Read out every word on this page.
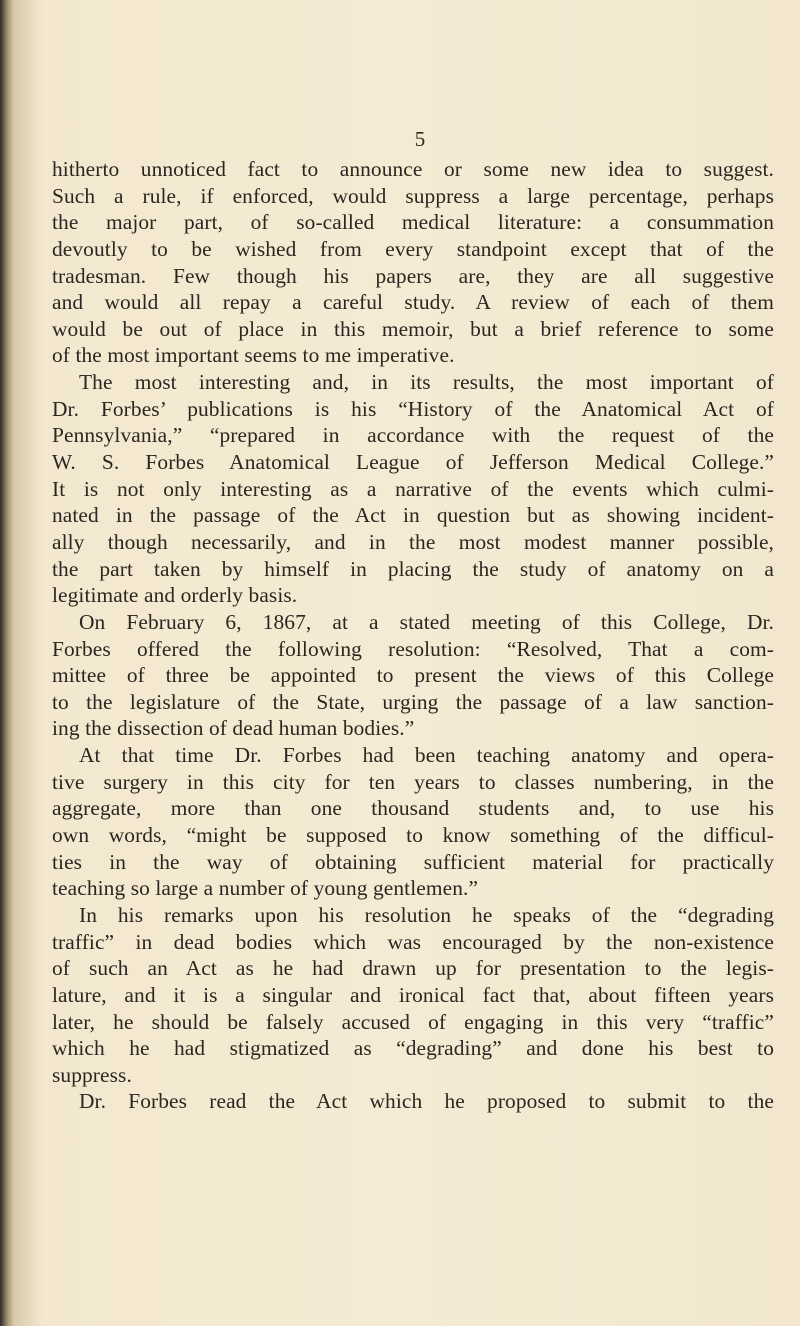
5
hitherto unnoticed fact to announce or some new idea to suggest.
Such a rule, if enforced, would suppress a large percentage, perhaps
the major part, of so-called medical literature: a consummation
devoutly to be wished from every standpoint except that of the
tradesman. Few though his papers are, they are all suggestive
and would all repay a careful study. A review of each of them
would be out of place in this memoir, but a brief reference to some
of the most important seems to me imperative.
The most interesting and, in its results, the most important of
Dr. Forbes’ publications is his “History of the Anatomical Act of
Pennsylvania,” “prepared in accordance with the request of the
W. S. Forbes Anatomical League of Jefferson Medical College.”
It is not only interesting as a narrative of the events which culmi-
nated in the passage of the Act in question but as showing incident-
ally though necessarily, and in the most modest manner possible,
the part taken by himself in placing the study of anatomy on a
legitimate and orderly basis.
On February 6, 1867, at a stated meeting of this College, Dr.
Forbes offered the following resolution: “Resolved, That a com-
mittee of three be appointed to present the views of this College
to the legislature of the State, urging the passage of a law sanction-
ing the dissection of dead human bodies.”
At that time Dr. Forbes had been teaching anatomy and opera-
tive surgery in this city for ten years to classes numbering, in the
aggregate, more than one thousand students and, to use his
own words, “might be supposed to know something of the difficul-
ties in the way of obtaining sufficient material for practically
teaching so large a number of young gentlemen.”
In his remarks upon his resolution he speaks of the “degrading
traffic” in dead bodies which was encouraged by the non-existence
of such an Act as he had drawn up for presentation to the legis-
lature, and it is a singular and ironical fact that, about fifteen years
later, he should be falsely accused of engaging in this very “traffic”
which he had stigmatized as “degrading” and done his best to
suppress.
Dr. Forbes read the Act which he proposed to submit to the
